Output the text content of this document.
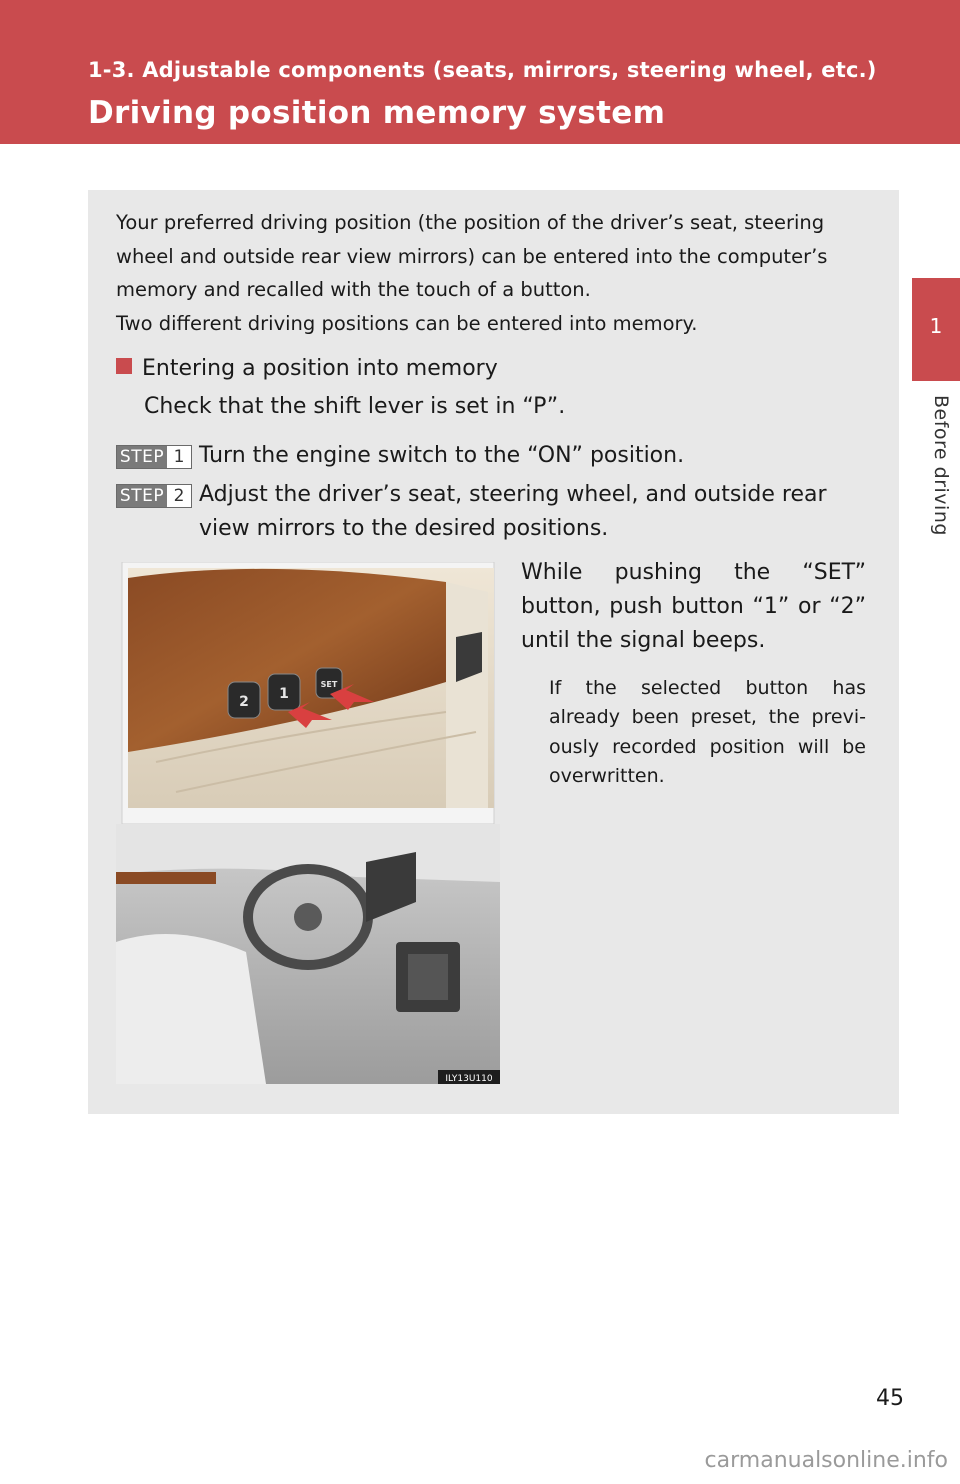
1-3. Adjustable components (seats, mirrors, steering wheel, etc.)
Driving position memory system
1
Before driving

Your preferred driving position (the position of the driver’s seat, steering wheel and outside rear view mirrors) can be entered into the computer’s memory and recalled with the touch of a button.

Two different driving positions can be entered into memory.

Entering a position into memory
Check that the shift lever is set in “P”.
STEP 1 Turn the engine switch to the “ON” position.
STEP 2 Adjust the driver’s seat, steering wheel, and outside rear view mirrors to the desired positions.
While pushing the “SET” button, push button “1” or “2” until the signal beeps.
If the selected button has already been preset, the previ-ously recorded position will be overwritten.
2 1
SET
ILY13U110
45
carmanualsonline.info
